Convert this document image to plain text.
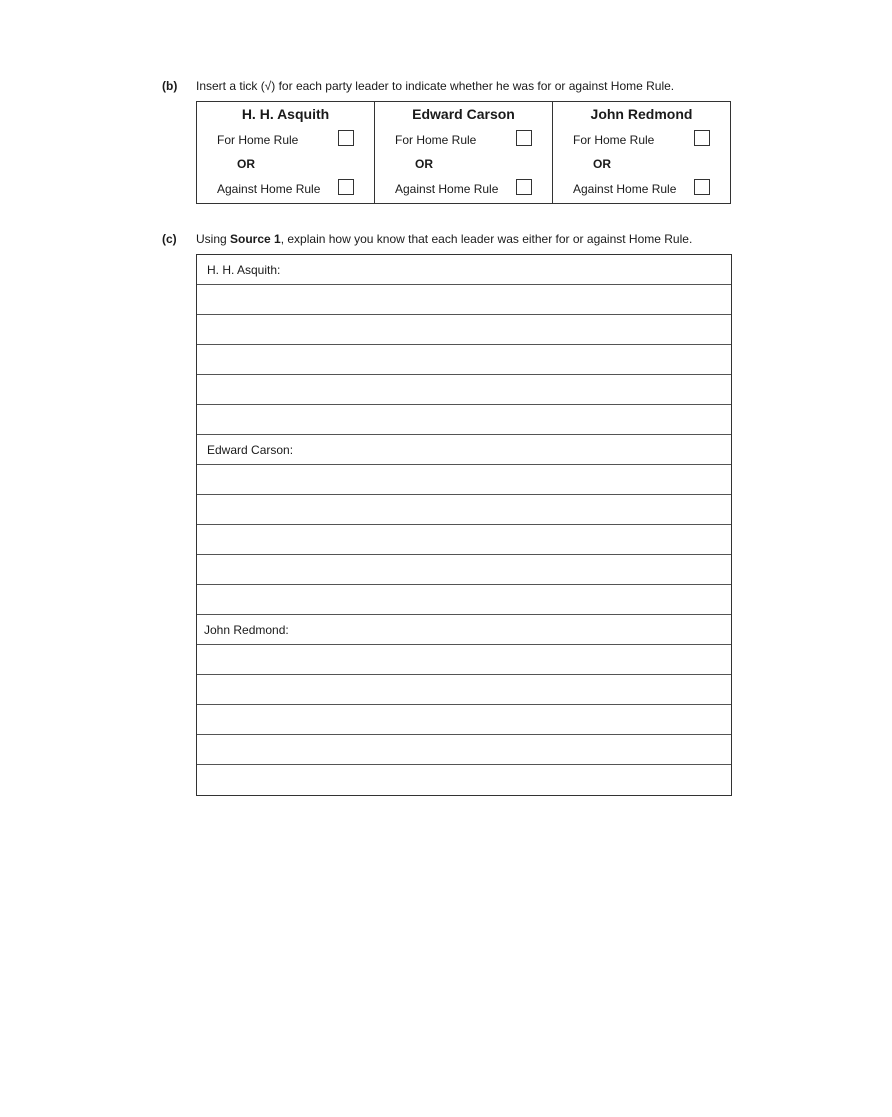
(b) Insert a tick (√) for each party leader to indicate whether he was for or against Home Rule.
H. H. Asquith
For Home Rule
OR
Against Home Rule
Edward Carson
For Home Rule
OR
Against Home Rule
John Redmond
For Home Rule
OR
Against Home Rule
(c) Using Source 1, explain how you know that each leader was either for or against Home Rule.
H. H. Asquith:
Edward Carson:
John Redmond:
